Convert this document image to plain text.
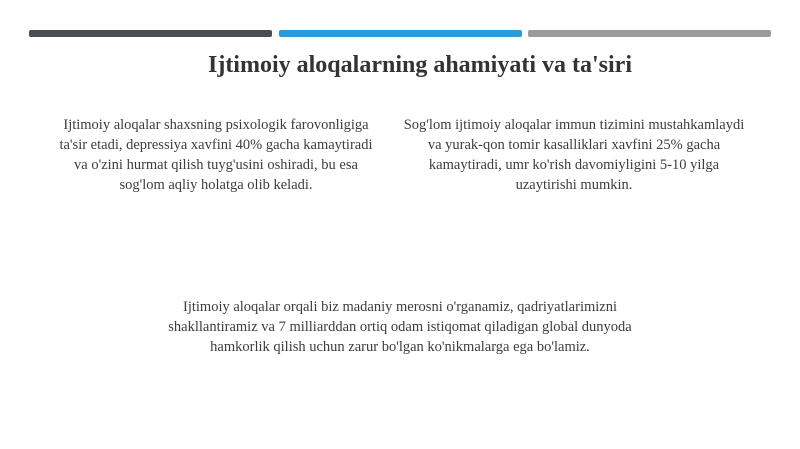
Ijtimoiy aloqalarning ahamiyati va ta'siri
Ijtimoiy aloqalar shaxsning psixologik farovonligiga ta'sir etadi, depressiya xavfini 40% gacha kamaytiradi va o'zini hurmat qilish tuyg'usini oshiradi, bu esa sog'lom aqliy holatga olib keladi.
Sog'lom ijtimoiy aloqalar immun tizimini mustahkamlaydi va yurak-qon tomir kasalliklari xavfini 25% gacha kamaytiradi, umr ko'rish davomiyligini 5-10 yilga uzaytirishi mumkin.
Ijtimoiy aloqalar orqali biz madaniy merosni o'rganamiz, qadriyatlarimizni shakllantiramiz va 7 milliarddan ortiq odam istiqomat qiladigan global dunyoda hamkorlik qilish uchun zarur bo'lgan ko'nikmalarga ega bo'lamiz.
